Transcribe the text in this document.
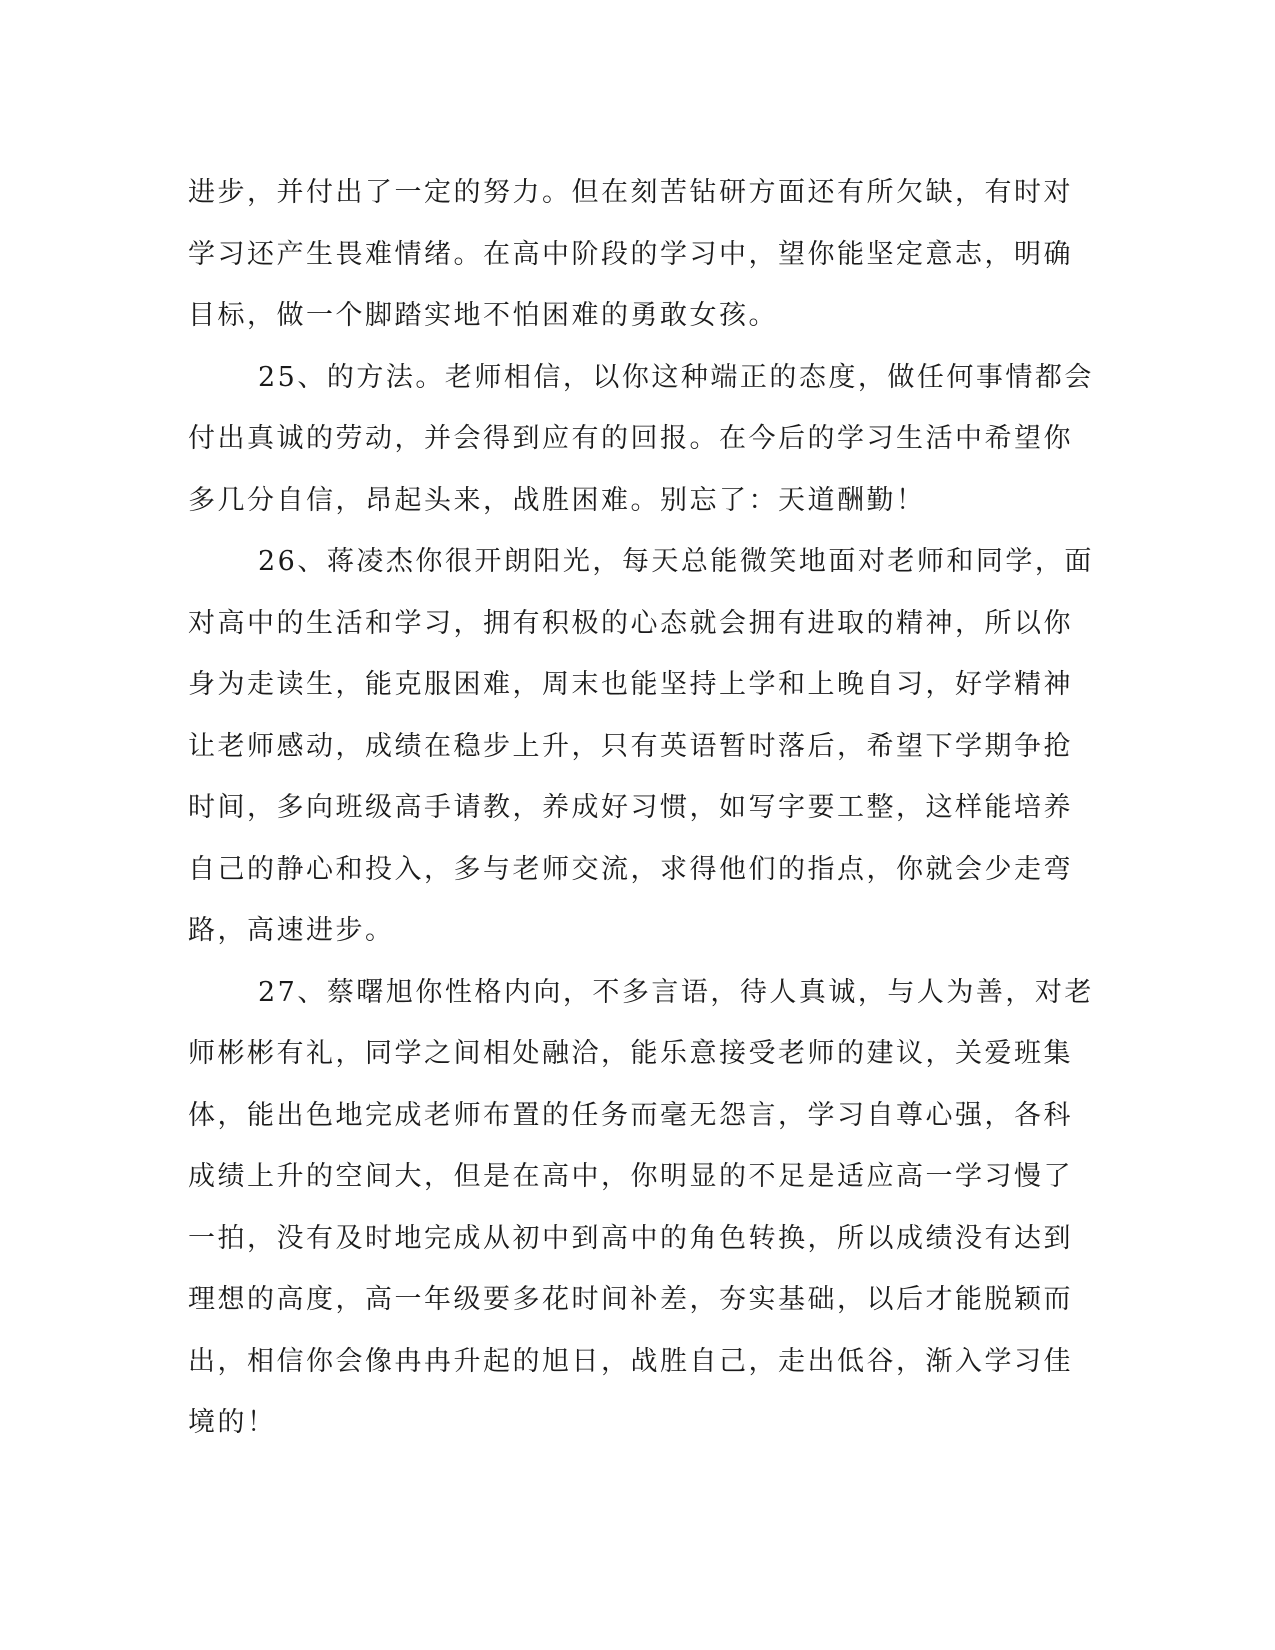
进步，并付出了一定的努力。但在刻苦钻研方面还有所欠缺，有时对
学习还产生畏难情绪。在高中阶段的学习中，望你能坚定意志，明确
目标，做一个脚踏实地不怕困难的勇敢女孩。
25、的方法。老师相信，以你这种端正的态度，做任何事情都会
付出真诚的劳动，并会得到应有的回报。在今后的学习生活中希望你
多几分自信，昂起头来，战胜困难。别忘了：天道酬勤！
26、蒋凌杰你很开朗阳光，每天总能微笑地面对老师和同学，面
对高中的生活和学习，拥有积极的心态就会拥有进取的精神，所以你
身为走读生，能克服困难，周末也能坚持上学和上晚自习，好学精神
让老师感动，成绩在稳步上升，只有英语暂时落后，希望下学期争抢
时间，多向班级高手请教，养成好习惯，如写字要工整，这样能培养
自己的静心和投入，多与老师交流，求得他们的指点，你就会少走弯
路，高速进步。
27、蔡曙旭你性格内向，不多言语，待人真诚，与人为善，对老
师彬彬有礼，同学之间相处融洽，能乐意接受老师的建议，关爱班集
体，能出色地完成老师布置的任务而毫无怨言，学习自尊心强，各科
成绩上升的空间大，但是在高中，你明显的不足是适应高一学习慢了
一拍，没有及时地完成从初中到高中的角色转换，所以成绩没有达到
理想的高度，高一年级要多花时间补差，夯实基础，以后才能脱颖而
出，相信你会像冉冉升起的旭日，战胜自己，走出低谷，渐入学习佳
境的！
